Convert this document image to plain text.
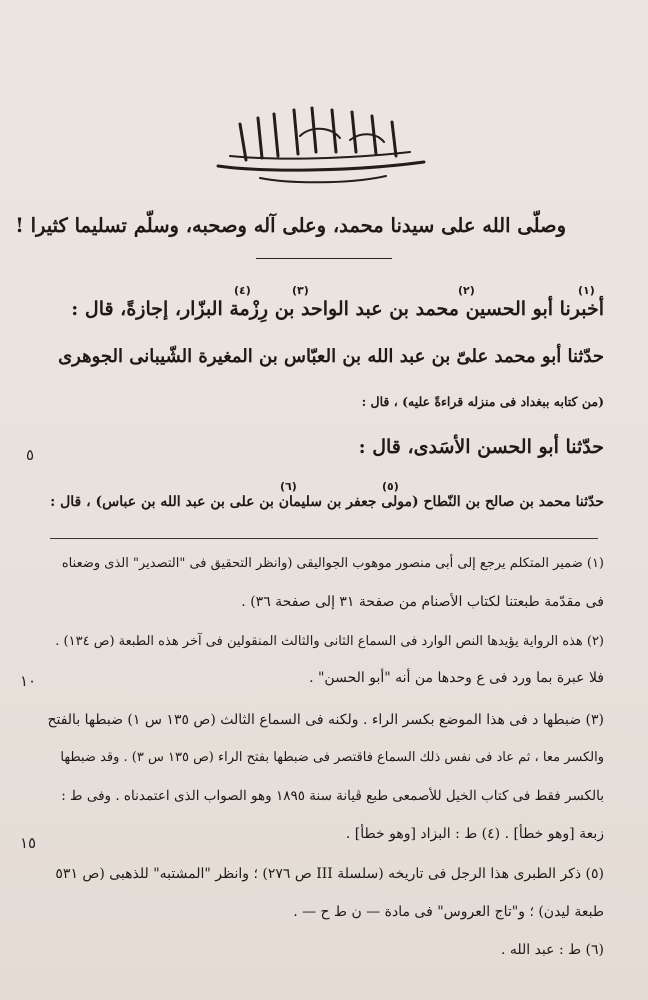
وصلّى الله على سيدنا محمد، وعلى آله وصحبه، وسلّم تسليما كثيرا !
(١)
(٢)
(٣)
(٤)
أخبرنا أبو الحسين محمد بن عبد الواحد بن رِزْمة البزّار، إجازةً، قال :
حدّثنا أبو محمد علىّ بن عبد الله بن العبّاس بن المغيرة الشّيبانى الجوهرى
(من كتابه ببغداد فى منزله قراءةً عليه) ، قال :
حدّثنا أبو الحسن الأسَدى، قال :
(٥)
(٦)
حدّثنا محمد بن صالح بن النّطاح (مولى جعفر بن سليمان بن على بن عبد الله بن عباس) ، قال :
٥
١٠
١٥
(١) ضمير المتكلم يرجع إلى أبى منصور موهوب الجواليقى (وانظر التحقيق فى "التصدير" الذى وضعناه
فى مقدّمة طبعتنا لكتاب الأصنام من صفحة ٣١ إلى صفحة ٣٦) .
(٢) هذه الرواية يؤيدها النص الوارد فى السماع الثانى والثالث المنقولين فى آخر هذه الطبعة (ص ١٣٤) .
فلا عبرة بما ورد فى ع وحدها من أنه "أبو الحسن" .
(٣) ضبطها د فى هذا الموضع بكسر الراء . ولكنه فى السماع الثالث (ص ١٣٥ س ١) ضبطها بالفتح
والكسر معا ، ثم عاد فى نفس ذلك السماع فاقتصر فى ضبطها بفتح الراء (ص ١٣٥ س ٣) . وقد ضبطها
بالكسر فقط فى كتاب الخيل للأصمعى طبع ڤيانة سنة ١٨٩٥ وهو الصواب الذى اعتمدناه . وفى ط :
زبعة [وهو خطأ] . (٤) ط : البزاد [وهو خطأ] .
(٥) ذكر الطبرى هذا الرجل فى تاريخه (سلسلة III ص ٢٧٦) ؛ وانظر "المشتبه" للذهبى (ص ٥٣١
طبعة ليدن) ؛ و"تاج العروس" فى مادة — ن ط ح — .
(٦) ط : عبد الله .
